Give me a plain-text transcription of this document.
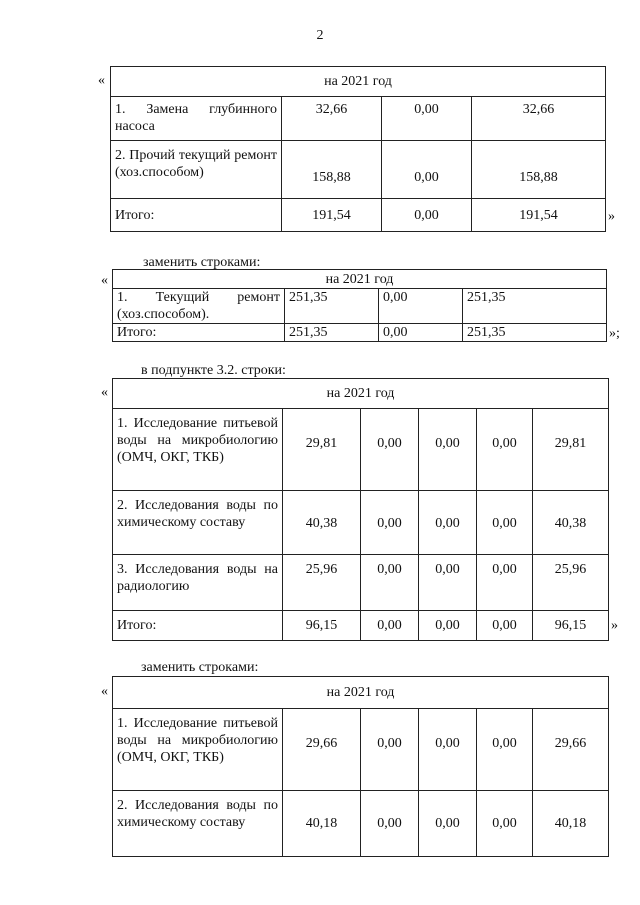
2
«	на 2021 год			
1. Замена глубинного насоса	32,66	0,00	32,66
2. Прочий текущий ремонт (хоз.способом)	158,88	0,00	158,88
Итого:	191,54	0,00	191,54	»
заменить строками:
«	на 2021 год			
1. Текущий ремонт (хоз.способом).	251,35	0,00	251,35
Итого:	251,35	0,00	251,35	»;
в подпункте 3.2. строки:
«	на 2021 год					
1. Исследование питьевой воды на микробиологию (ОМЧ, ОКГ, ТКБ)	29,81	0,00	0,00	0,00	29,81
2. Исследования воды по химическому составу	40,38	0,00	0,00	0,00	40,38
3. Исследования воды на радиологию	25,96	0,00	0,00	0,00	25,96
Итого:	96,15	0,00	0,00	0,00	96,15 »
заменить строками:
«	на 2021 год					
1. Исследование питьевой воды на микробиологию (ОМЧ, ОКГ, ТКБ)	29,66	0,00	0,00	0,00	29,66
2. Исследования воды по химическому составу	40,18	0,00	0,00	0,00	40,18
